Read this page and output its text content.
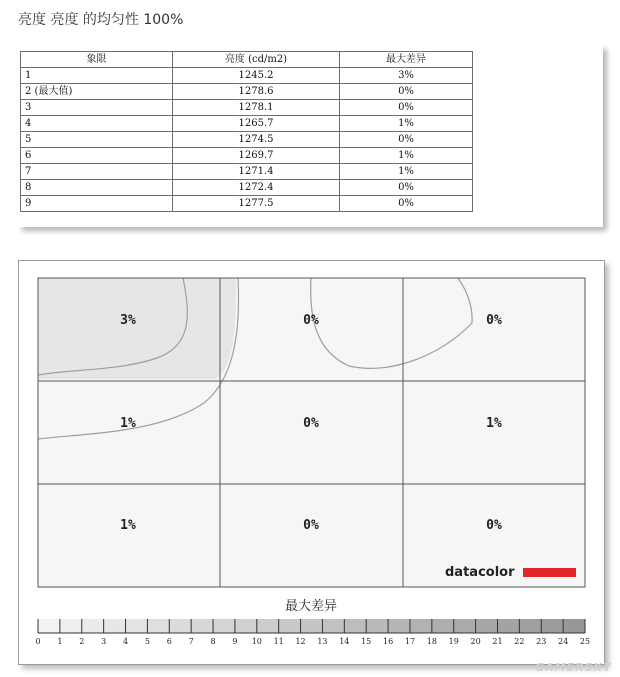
亮度 亮度 的均匀性 100%
象限	亮度 (cd/m2)	最大差异
1	1245.2	3%
2 (最大值)	1278.6	0%
3	1278.1	0%
4	1265.7	1%
5	1274.5	0%
6	1269.7	1%
7	1271.4	1%
8	1272.4	0%
9	1277.5	0%
3%	0%	0%
1%	0%	1%
1%	0%	0%
datacolor
最大差异
0 1 2 3 4 5 6 7 8 9 10 11 12 13 14 15 16 17 18 19 20 21 22 23 24 25
GAMERSKY
